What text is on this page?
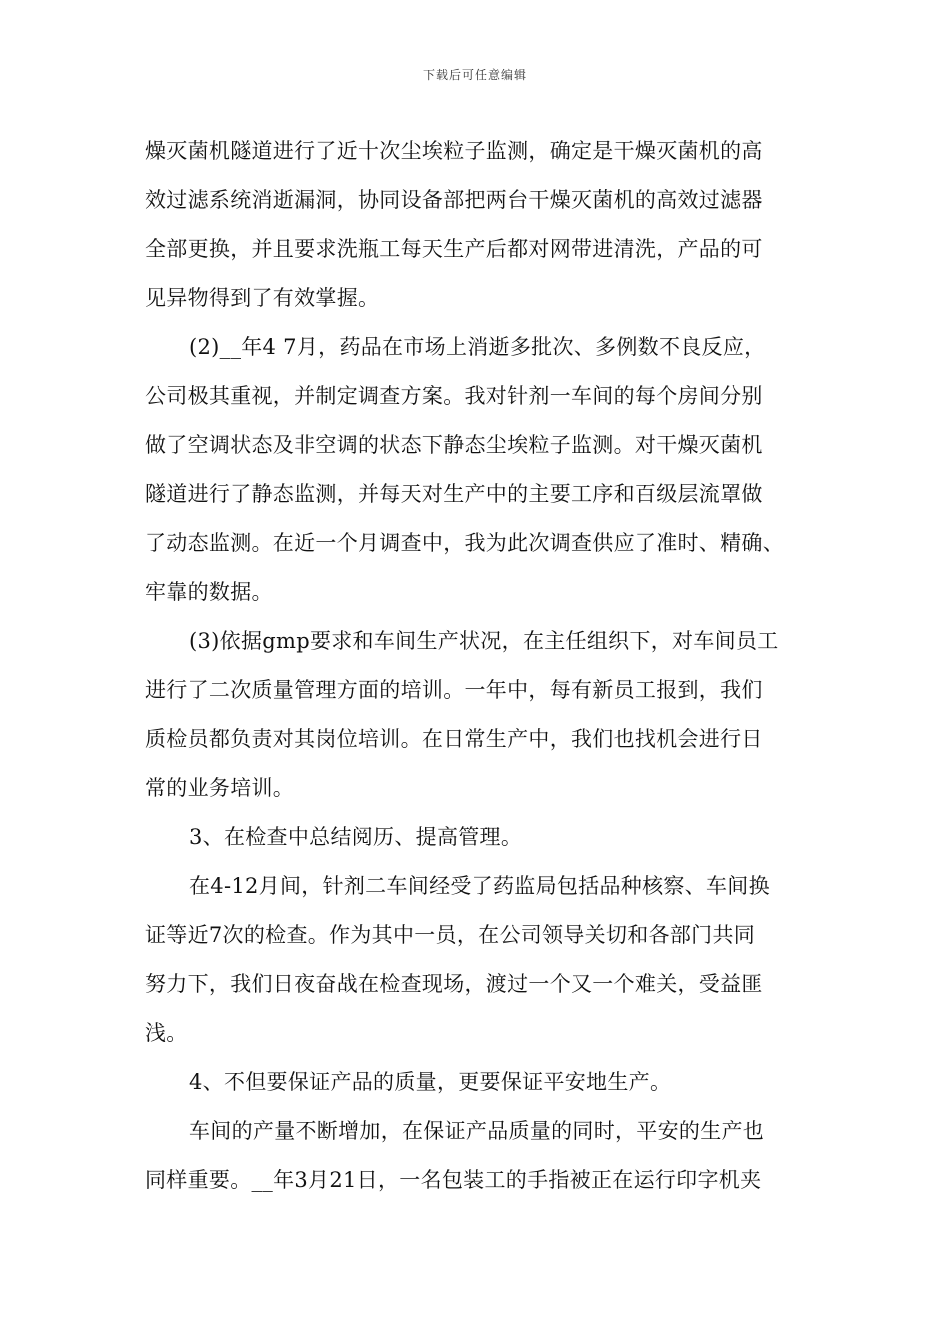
下载后可任意编辑
燥灭菌机隧道进行了近十次尘埃粒子监测，确定是干燥灭菌机的高
效过滤系统消逝漏洞，协同设备部把两台干燥灭菌机的高效过滤器
全部更换，并且要求洗瓶工每天生产后都对网带进清洗，产品的可
见异物得到了有效掌握。
(2)__年4 7月，药品在市场上消逝多批次、多例数不良反应，
公司极其重视，并制定调查方案。我对针剂一车间的每个房间分别
做了空调状态及非空调的状态下静态尘埃粒子监测。对干燥灭菌机
隧道进行了静态监测，并每天对生产中的主要工序和百级层流罩做
了动态监测。在近一个月调查中，我为此次调查供应了准时、精确、
牢靠的数据。
(3)依据gmp要求和车间生产状况，在主任组织下，对车间员工
进行了二次质量管理方面的培训。一年中，每有新员工报到，我们
质检员都负责对其岗位培训。在日常生产中，我们也找机会进行日
常的业务培训。
3、在检查中总结阅历、提高管理。
在4-12月间，针剂二车间经受了药监局包括品种核察、车间换
证等近7次的检查。作为其中一员，在公司领导关切和各部门共同
努力下，我们日夜奋战在检查现场，渡过一个又一个难关，受益匪
浅。
4、不但要保证产品的质量，更要保证平安地生产。
车间的产量不断增加，在保证产品质量的同时，平安的生产也
同样重要。__年3月21日，一名包装工的手指被正在运行印字机夹
